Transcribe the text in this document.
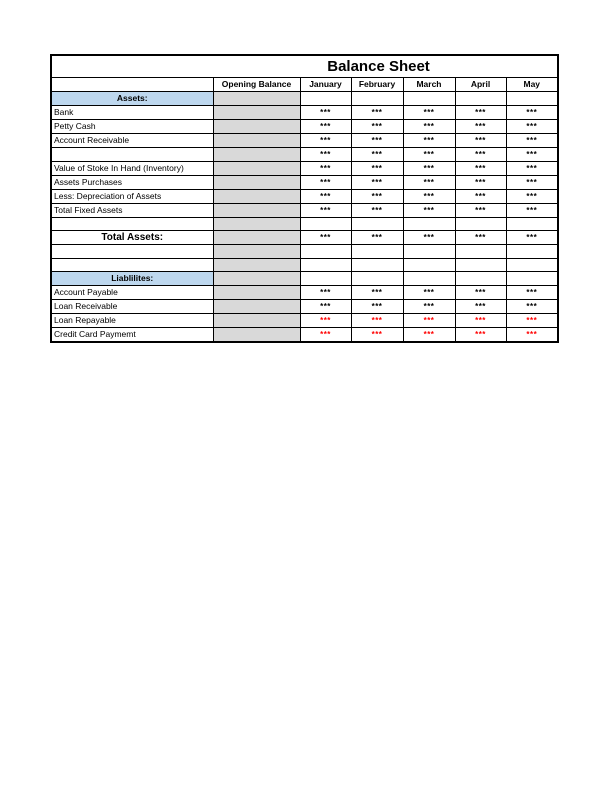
Balance Sheet						
	Opening Balance	January	February	March	April	May
Assets:						
Bank		***	***	***	***	***
Petty Cash		***	***	***	***	***
Account Receivable		***	***	***	***	***
		***	***	***	***	***
Value of Stoke In Hand (Inventory)		***	***	***	***	***
Assets Purchases		***	***	***	***	***
Less: Depreciation of Assets		***	***	***	***	***
Total Fixed Assets		***	***	***	***	***

Total Assets:		***	***	***	***	***

Liablilites:						
Account Payable		***	***	***	***	***
Loan Receivable		***	***	***	***	***
Loan Repayable		***	***	***	***	***
Credit Card Paymemt		***	***	***	***	***
